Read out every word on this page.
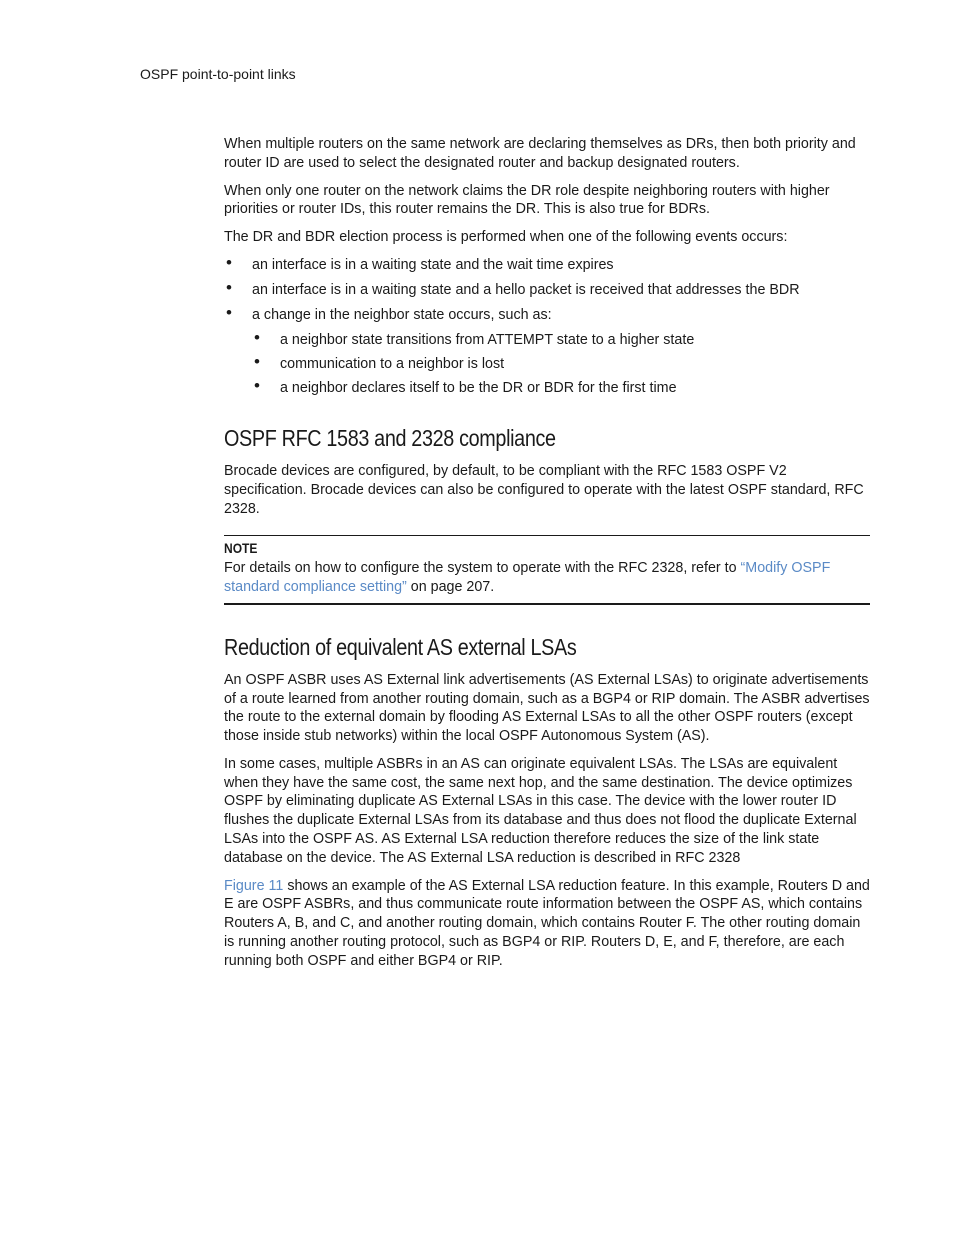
OSPF point-to-point links

When multiple routers on the same network are declaring themselves as DRs, then both priority and router ID are used to select the designated router and backup designated routers.

When only one router on the network claims the DR role despite neighboring routers with higher priorities or router IDs, this router remains the DR. This is also true for BDRs.

The DR and BDR election process is performed when one of the following events occurs:

• an interface is in a waiting state and the wait time expires
• an interface is in a waiting state and a hello packet is received that addresses the BDR
• a change in the neighbor state occurs, such as:
• a neighbor state transitions from ATTEMPT state to a higher state
• communication to a neighbor is lost
• a neighbor declares itself to be the DR or BDR for the first time
OSPF RFC 1583 and 2328 compliance

Brocade devices are configured, by default, to be compliant with the RFC 1583 OSPF V2 specification. Brocade devices can also be configured to operate with the latest OSPF standard, RFC 2328.

NOTE

For details on how to configure the system to operate with the RFC 2328, refer to “Modify OSPF standard compliance setting” on page 207.

Reduction of equivalent AS external LSAs

An OSPF ASBR uses AS External link advertisements (AS External LSAs) to originate advertisements of a route learned from another routing domain, such as a BGP4 or RIP domain. The ASBR advertises the route to the external domain by flooding AS External LSAs to all the other OSPF routers (except those inside stub networks) within the local OSPF Autonomous System (AS).

In some cases, multiple ASBRs in an AS can originate equivalent LSAs. The LSAs are equivalent when they have the same cost, the same next hop, and the same destination. The device optimizes OSPF by eliminating duplicate AS External LSAs in this case. The device with the lower router ID flushes the duplicate External LSAs from its database and thus does not flood the duplicate External LSAs into the OSPF AS. AS External LSA reduction therefore reduces the size of the link state database on the device. The AS External LSA reduction is described in RFC 2328

Figure 11 shows an example of the AS External LSA reduction feature. In this example, Routers D and E are OSPF ASBRs, and thus communicate route information between the OSPF AS, which contains Routers A, B, and C, and another routing domain, which contains Router F. The other routing domain is running another routing protocol, such as BGP4 or RIP. Routers D, E, and F, therefore, are each running both OSPF and either BGP4 or RIP.
